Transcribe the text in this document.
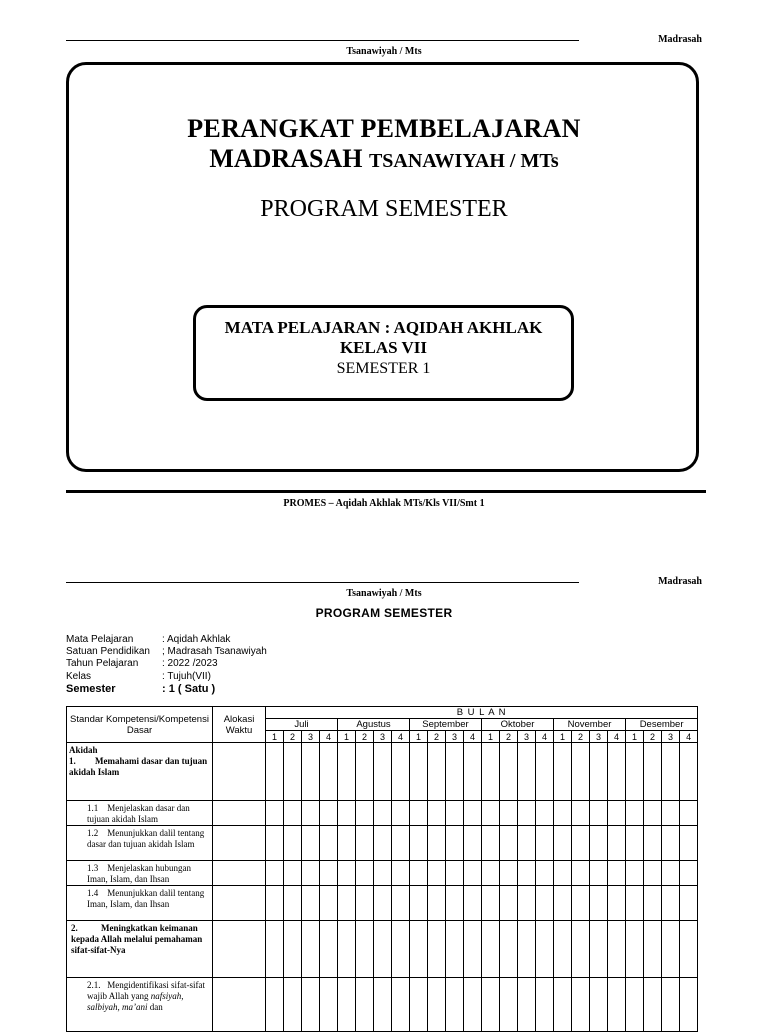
Madrasah
Tsanawiyah / Mts
PERANGKAT PEMBELAJARAN
MADRASAH TSANAWIYAH / MTs
PROGRAM SEMESTER
MATA PELAJARAN : AQIDAH AKHLAK
KELAS VII
SEMESTER 1
PROMES – Aqidah Akhlak MTs/Kls VII/Smt 1
Madrasah
Tsanawiyah / Mts
PROGRAM SEMESTER
Mata Pelajaran	: Aqidah Akhlak
Satuan Pendidikan ; Madrasah Tsanawiyah
Tahun Pelajaran : 2022 /2023
Kelas	: Tujuh(VII)
Semester	: 1 ( Satu )
Standar Kompetensi/Kompetensi Dasar	Alokasi Waktu	B U L A N																							
		Juli				Agustus				September				Oktober				November				Desember			
		1	2	3	4	1	2	3	4	1	2	3	4	1	2	3	4	1	2	3	4	1	2	3	4

Akidah
1. Memahami dasar dan tujuan akidah Islam																									

1.1 Menjelaskan dasar dan tujuan akidah Islam																									
1.2 Menunjukkan dalil tentang dasar dan tujuan akidah Islam																									
1.3 Menjelaskan hubungan Iman, Islam, dan Ihsan																									
1.4 Menunjukkan dalil tentang Iman, Islam, dan Ihsan																									

2. Meningkatkan keimanan kepada Allah melalui pemahaman sifat-sifat-Nya																									

2.1. Mengidentifikasi sifat-sifat wajib Allah yang nafsiyah, salbiyah, ma’ani dan																									
